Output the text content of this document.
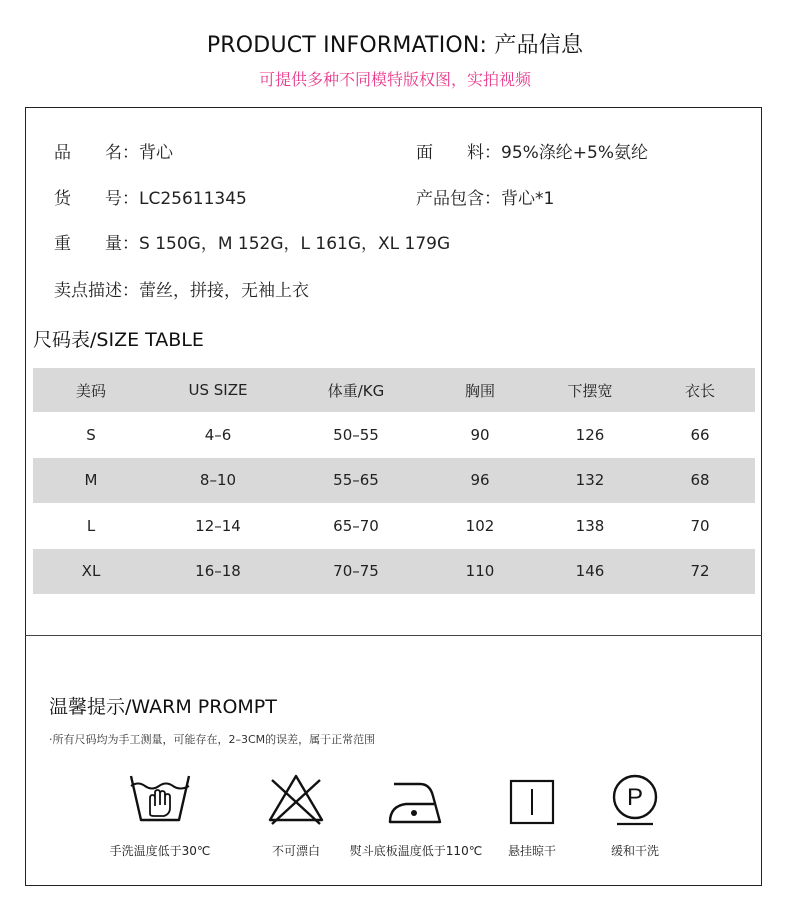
PRODUCT INFORMATION: 产品信息
可提供多种不同模特版权图，实拍视频
品　　名：背心	面　　料：95%涤纶+5%氨纶
货　　号：LC25611345	产品包含：背心*1
重　　量：S 150G，M 152G，L 161G，XL 179G
卖点描述：蕾丝，拼接，无袖上衣
尺码表/SIZE TABLE
美码	US SIZE	体重/KG	胸围	下摆宽	衣长
S	4–6	50–55	90	126	66
M	8–10	55–65	96	132	68
L	12–14	65–70	102	138	70
XL	16–18	70–75	110	146	72
温馨提示/WARM PROMPT
·所有尺码均为手工测量，可能存在，2–3CM的误差，属于正常范围
P
手洗温度低于30℃	不可漂白	熨斗底板温度低于110℃	悬挂晾干	缓和干洗
